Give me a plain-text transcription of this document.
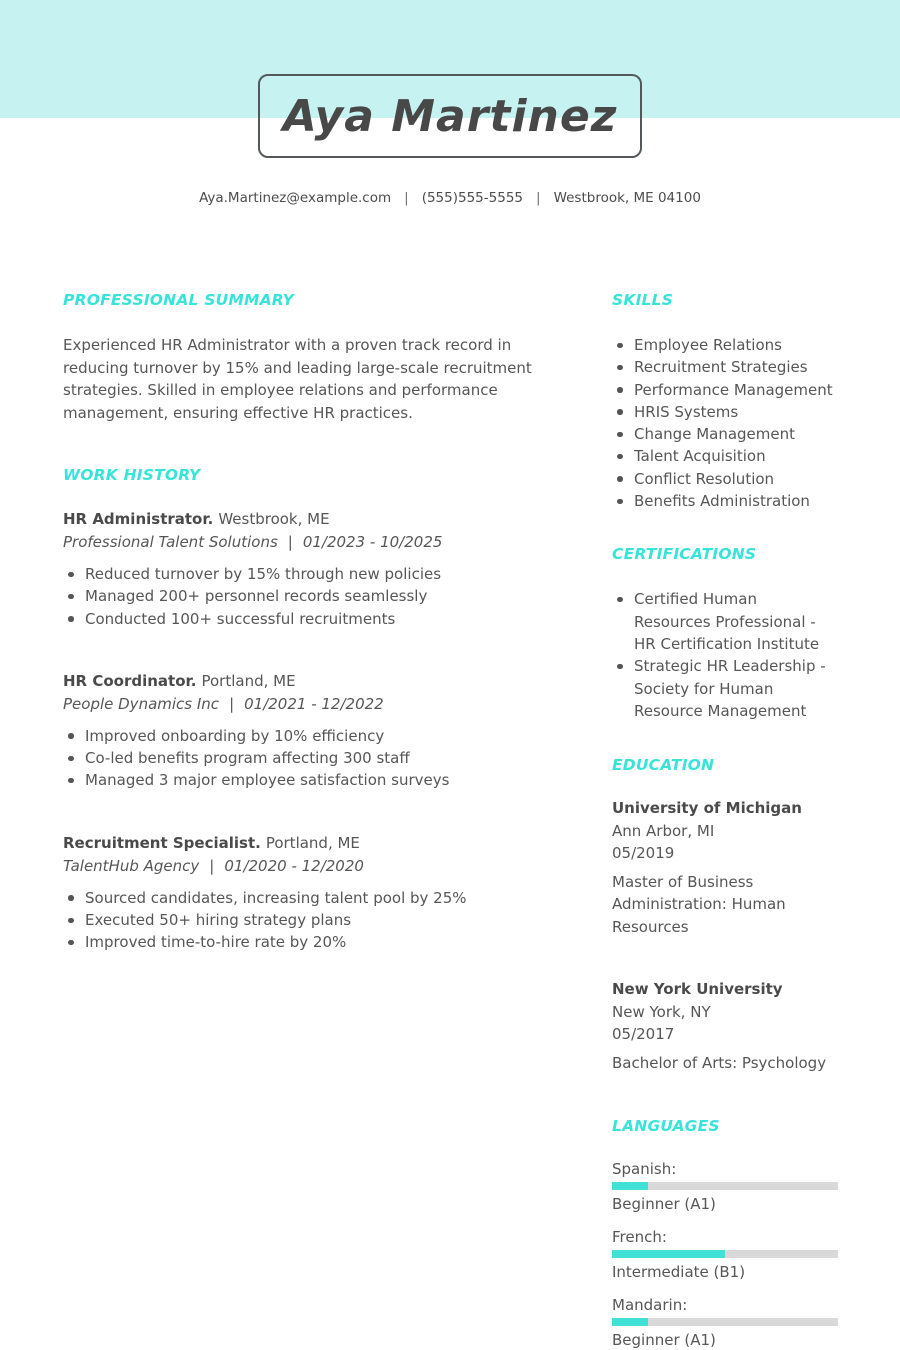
Aya Martinez
Aya.Martinez@example.com | (555)555-5555 | Westbrook, ME 04100
PROFESSIONAL SUMMARY

Experienced HR Administrator with a proven track record in reducing turnover by 15% and leading large-scale recruitment strategies. Skilled in employee relations and performance management, ensuring effective HR practices.

WORK HISTORY
HR Administrator. Westbrook, ME
Professional Talent Solutions | 01/2023 - 10/2025
Reduced turnover by 15% through new policies
Managed 200+ personnel records seamlessly
Conducted 100+ successful recruitments
HR Coordinator. Portland, ME
People Dynamics Inc | 01/2021 - 12/2022
Improved onboarding by 10% efficiency
Co-led benefits program affecting 300 staff
Managed 3 major employee satisfaction surveys
Recruitment Specialist. Portland, ME
TalentHub Agency | 01/2020 - 12/2020
Sourced candidates, increasing talent pool by 25%
Executed 50+ hiring strategy plans
Improved time-to-hire rate by 20%
SKILLS
Employee Relations
Recruitment Strategies
Performance Management
HRIS Systems
Change Management
Talent Acquisition
Conflict Resolution
Benefits Administration
CERTIFICATIONS
Certified Human Resources Professional - HR Certification Institute
Strategic HR Leadership - Society for Human Resource Management
EDUCATION
University of Michigan
Ann Arbor, MI
05/2019
Master of Business Administration: Human Resources
New York University
New York, NY
05/2017
Bachelor of Arts: Psychology
LANGUAGES
Spanish:
Beginner (A1)
French:
Intermediate (B1)
Mandarin:
Beginner (A1)
